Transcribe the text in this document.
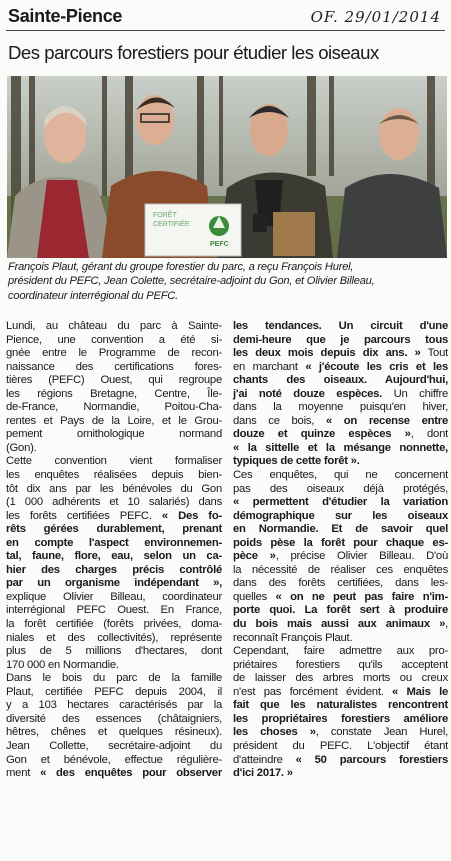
Sainte-Pience	OF. 29/01/2014
Des parcours forestiers pour étudier les oiseaux
FORÊT
CERTIFIÉE
PEFC
François Plaut, gérant du groupe forestier du parc, a reçu François Hurel,
président du PEFC, Jean Colette, secrétaire-adjoint du Gon, et Olivier Billeau,
coordinateur interrégional du PEFC.
Lundi, au château du parc à Sainte-
Pience, une convention a été si-
gnée entre le Programme de recon-
naissance des certifications fores-
tières (PEFC) Ouest, qui regroupe
les régions Bretagne, Centre, Île-
de-France, Normandie, Poitou-Cha-
rentes et Pays de la Loire, et le Grou-
pement ornithologique normand
(Gon).
Cette convention vient formaliser
les enquêtes réalisées depuis bien-
tôt dix ans par les bénévoles du Gon
(1 000 adhérents et 10 salariés) dans
les forêts certifiées PEFC. « Des fo-
rêts gérées durablement, prenant
en compte l'aspect environnemen-
tal, faune, flore, eau, selon un ca-
hier des charges précis contrôlé
par un organisme indépendant »,
explique Olivier Billeau, coordinateur
interrégional PEFC Ouest. En France,
la forêt certifiée (forêts privées, doma-
niales et des collectivités), représente
plus de 5 millions d'hectares, dont
170 000 en Normandie.
Dans le bois du parc de la famille
Plaut, certifiée PEFC depuis 2004, il
y a 103 hectares caractérisés par la
diversité des essences (châtaigniers,
hêtres, chênes et quelques résineux).
Jean Collette, secrétaire-adjoint du
Gon et bénévole, effectue régulière-
ment « des enquêtes pour observer
les tendances. Un circuit d'une
demi-heure que je parcours tous
les deux mois depuis dix ans. » Tout
en marchant « j'écoute les cris et les
chants des oiseaux. Aujourd'hui,
j'ai noté douze espèces. Un chiffre
dans la moyenne puisqu'en hiver,
dans ce bois, « on recense entre
douze et quinze espèces », dont
« la sittelle et la mésange nonnette,
typiques de cette forêt ».
Ces enquêtes, qui ne concernent
pas des oiseaux déjà protégés,
« permettent d'étudier la variation
démographique sur les oiseaux
en Normandie. Et de savoir quel
poids pèse la forêt pour chaque es-
pèce », précise Olivier Billeau. D'où
la nécessité de réaliser ces enquêtes
dans des forêts certifiées, dans les-
quelles « on ne peut pas faire n'im-
porte quoi. La forêt sert à produire
du bois mais aussi aux animaux »,
reconnaît François Plaut.
Cependant, faire admettre aux pro-
priétaires forestiers qu'ils acceptent
de laisser des arbres morts ou creux
n'est pas forcément évident. « Mais le
fait que les naturalistes rencontrent
les propriétaires forestiers améliore
les choses », constate Jean Hurel,
président du PEFC. L'objectif étant
d'atteindre « 50 parcours forestiers
d'ici 2017. »
